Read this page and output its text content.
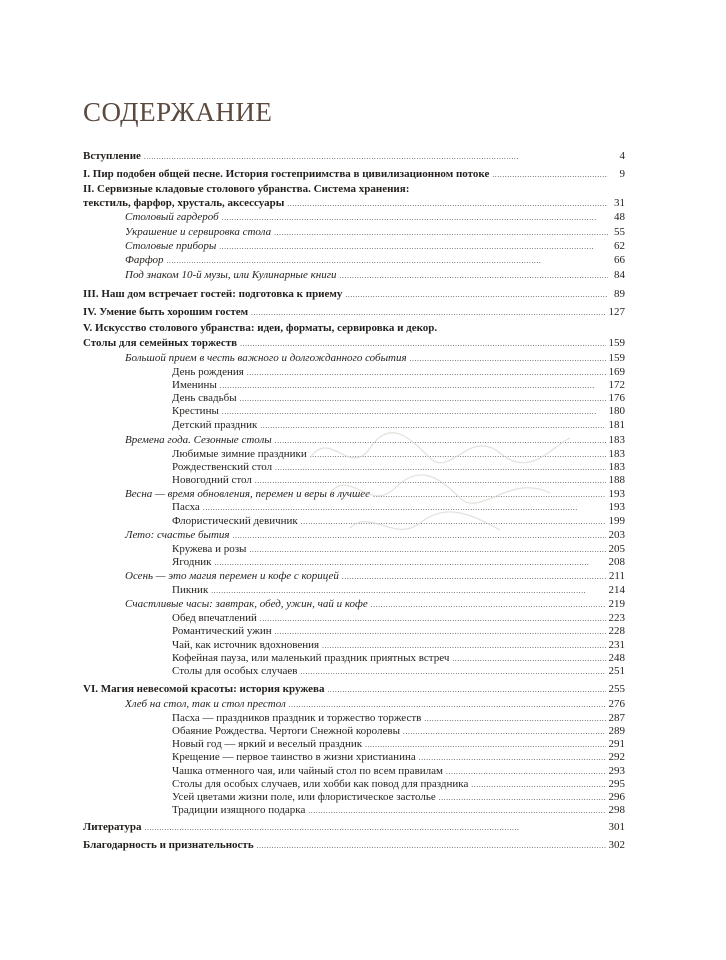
СОДЕРЖАНИЕ
Вступление . . .	4
I. Пир подобен общей песне. История гостеприимства в цивилизационном потоке . . .	9
II. Сервизные кладовые столового убранства. Система хранения:
текстиль, фарфор, хрусталь, аксессуары . . .	31
Столовый гардероб . . .	48
Украшение и сервировка стола . . .	55
Столовые приборы . . .	62
Фарфор . . .	66
Под знаком 10-й музы, или Кулинарные книги . . .	84
III. Наш дом встречает гостей: подготовка к приему . . .	89
IV. Умение быть хорошим гостем . . .	127
V. Искусство столового убранства: идеи, форматы, сервировка и декор.
Столы для семейных торжеств . . .	159
Большой прием в честь важного и долгожданного события . . .	159
День рождения . . .	169
Именины . . .	172
День свадьбы . . .	176
Крестины . . .	180
Детский праздник . . .	181
Времена года. Сезонные столы . . .	183
Любимые зимние праздники . . .	183
Рождественский стол . . .	183
Новогодний стол . . .	188
Весна — время обновления, перемен и веры в лучшее . . .	193
Пасха . . .	193
Флористический девичник . . .	199
Лето: счастье бытия . . .	203
Кружева и розы . . .	205
Ягодник . . .	208
Осень — это магия перемен и кофе с корицей . . .	211
Пикник . . .	214
Счастливые часы: завтрак, обед, ужин, чай и кофе . . .	219
Обед впечатлений . . .	223
Романтический ужин . . .	228
Чай, как источник вдохновения . . .	231
Кофейная пауза, или маленький праздник приятных встреч . . .	248
Столы для особых случаев . . .	251
VI. Магия невесомой красоты: история кружева . . .	255
Хлеб на стол, так и стол престол . . .	276
Пасха — праздников праздник и торжество торжеств . . .	287
Обаяние Рождества. Чертоги Снежной королевы . . .	289
Новый год — яркий и веселый праздник . . .	291
Крещение — первое таинство в жизни христианина . . .	292
Чашка отменного чая, или чайный стол по всем правилам . . .	293
Столы для особых случаев, или хобби как повод для праздника . . .	295
Усей цветами жизни поле, или флористическое застолье . . .	296
Традиции изящного подарка . . .	298
Литература . . .	301
Благодарность и признательность . . .	302
